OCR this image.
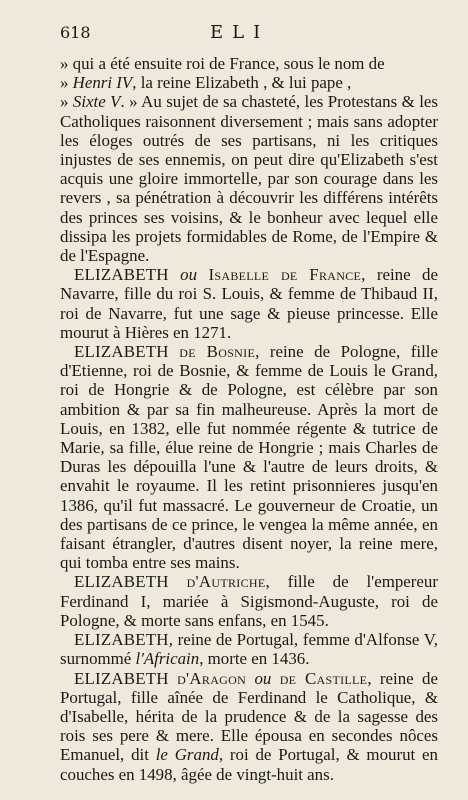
618	ELI

» qui a été ensuite roi de France, sous le nom de
» Henri IV, la reine Elizabeth , & lui pape ,
» Sixte V. » Au sujet de sa chasteté, les Protestans & les Catholiques raisonnent diversement ; mais sans adopter les éloges outrés de ses partisans, ni les critiques injustes de ses ennemis, on peut dire qu'Elizabeth s'est acquis une gloire immortelle, par son courage dans les revers , sa pénétration à découvrir les différens intérêts des princes ses voisins, & le bonheur avec lequel elle dissipa les projets formidables de Rome, de l'Empire & de l'Espagne.

ELIZABETH ou Isabelle de France, reine de Navarre, fille du roi S. Louis, & femme de Thibaud II, roi de Navarre, fut une sage & pieuse princesse. Elle mourut à Hières en 1271.

ELIZABETH de Bosnie, reine de Pologne, fille d'Etienne, roi de Bosnie, & femme de Louis le Grand, roi de Hongrie & de Pologne, est célèbre par son ambition & par sa fin malheureuse. Après la mort de Louis, en 1382, elle fut nommée régente & tutrice de Marie, sa fille, élue reine de Hongrie ; mais Charles de Duras les dépouilla l'une & l'autre de leurs droits, & envahit le royaume. Il les retint prisonnieres jusqu'en 1386, qu'il fut massacré. Le gouverneur de Croatie, un des partisans de ce prince, le vengea la même année, en faisant étrangler, d'autres disent noyer, la reine mere, qui tomba entre ses mains.

ELIZABETH d'Autriche, fille de l'empereur Ferdinand I, mariée à Sigismond-Auguste, roi de Pologne, & morte sans enfans, en 1545.

ELIZABETH, reine de Portugal, femme d'Alfonse V, surnommé l'Africain, morte en 1436.

ELIZABETH d'Aragon ou de Castille, reine de Portugal, fille aînée de Ferdinand le Catholique, & d'Isabelle, hérita de la prudence & de la sagesse des rois ses pere & mere. Elle épousa en secondes nôces Emanuel, dit le Grand, roi de Portugal, & mourut en couches en 1498, âgée de vingt-huit ans.
